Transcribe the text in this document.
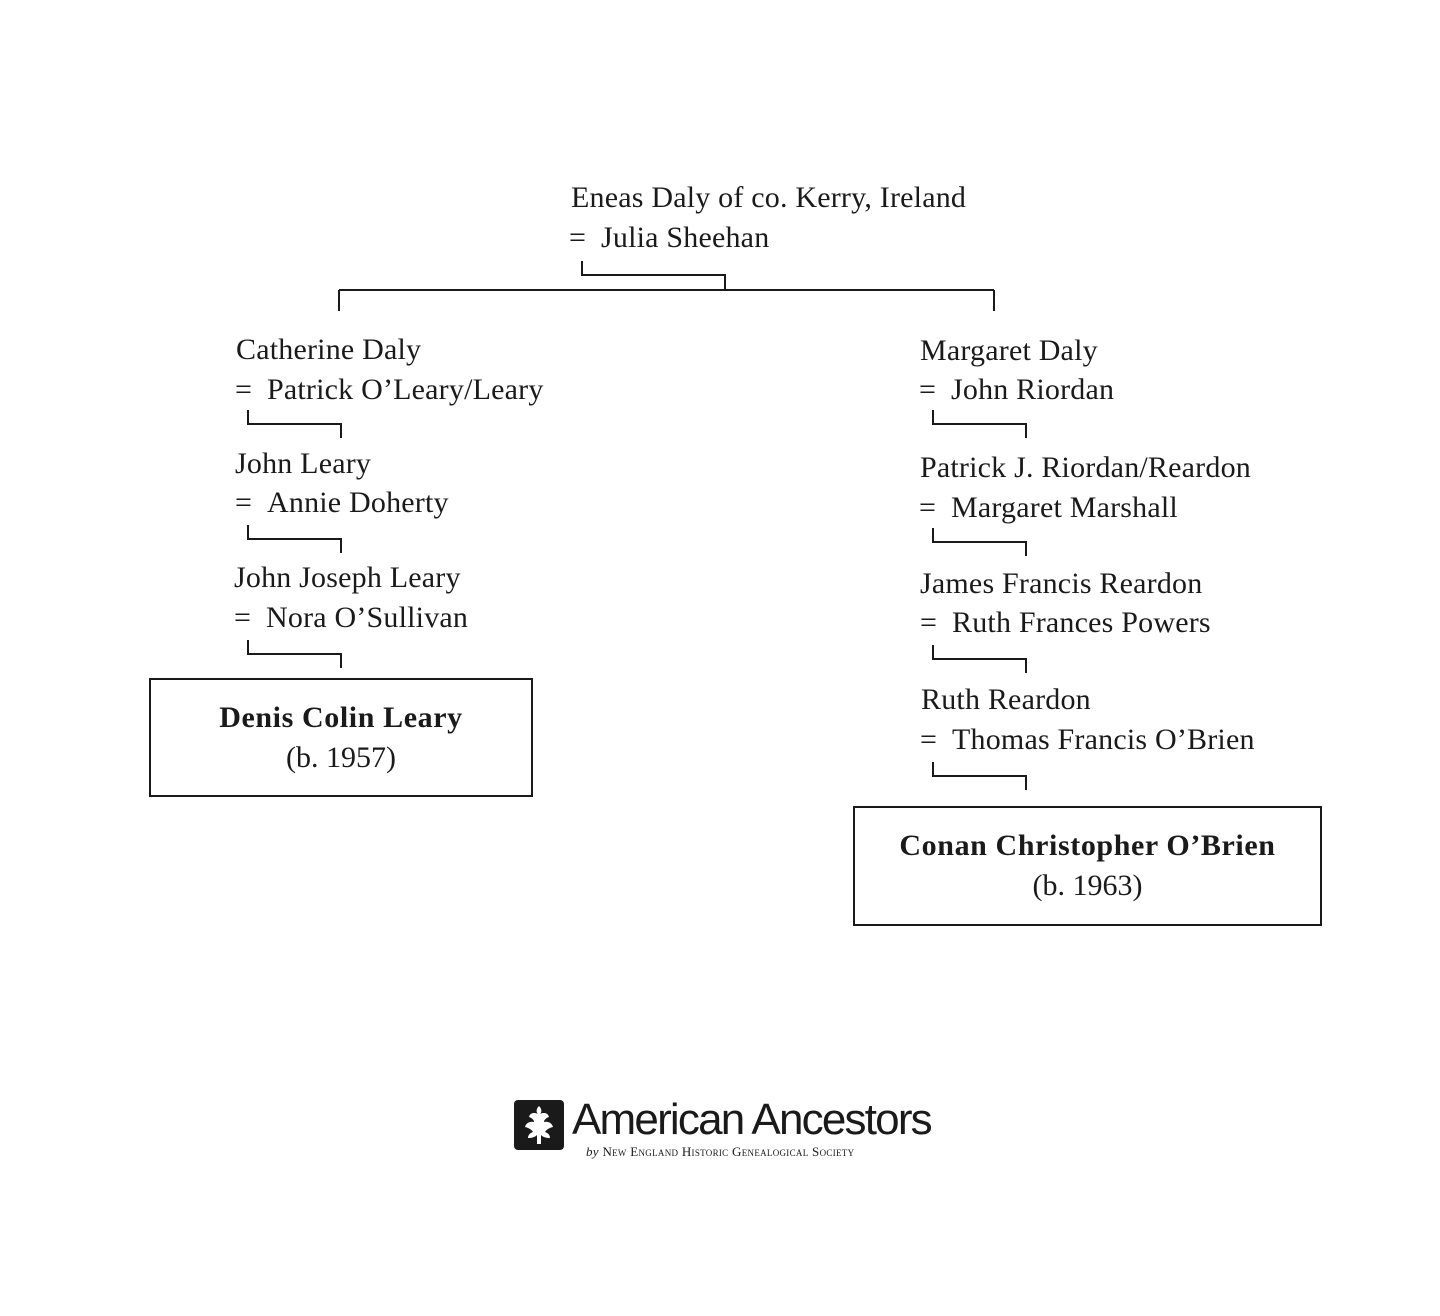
Eneas Daly of co. Kerry, Ireland
= Julia Sheehan
Catherine Daly
= Patrick O’Leary/Leary
John Leary
= Annie Doherty
John Joseph Leary
= Nora O’Sullivan
Denis Colin Leary
(b. 1957)
Margaret Daly
= John Riordan
Patrick J. Riordan/Reardon
= Margaret Marshall
James Francis Reardon
= Ruth Frances Powers
Ruth Reardon
= Thomas Francis O’Brien
Conan Christopher O’Brien
(b. 1963)
American Ancestors
by New England Historic Genealogical Society
